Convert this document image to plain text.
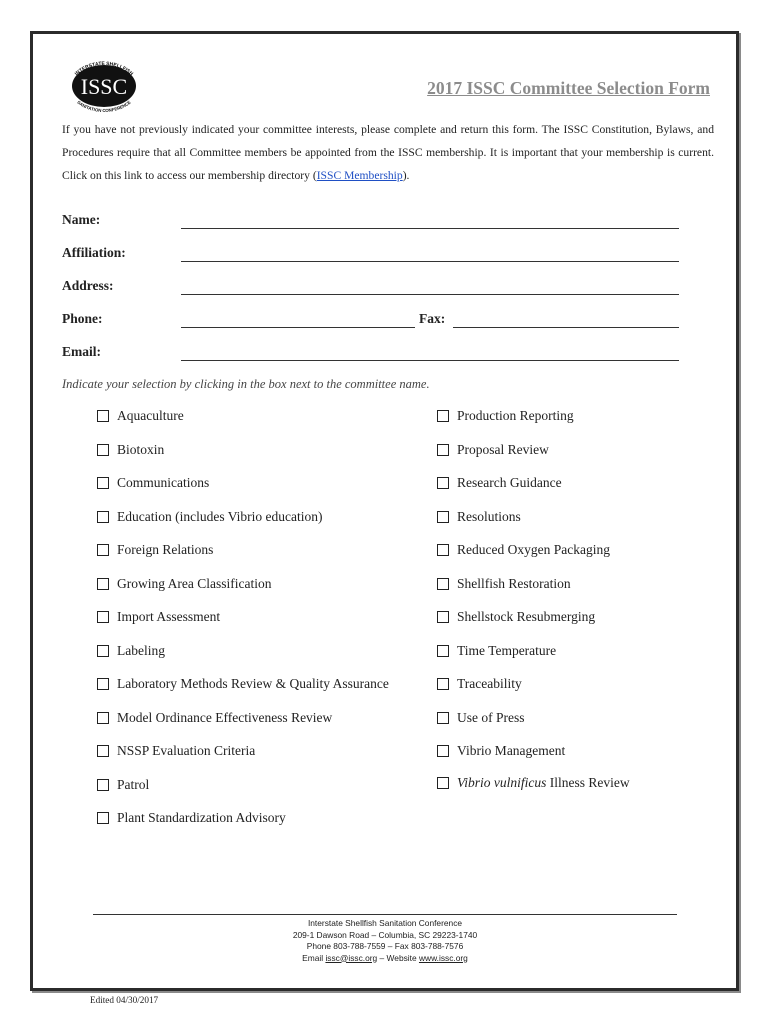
INTERSTATE SHELLFISH
ISSC
SANITATION CONFERENCE
2017 ISSC Committee Selection Form
If you have not previously indicated your committee interests, please complete and return this form. The ISSC Constitution, Bylaws, and Procedures require that all Committee members be appointed from the ISSC membership. It is important that your membership is current. Click on this link to access our membership directory (ISSC Membership).
Name:
Affiliation:
Address:
Phone:	Fax:
Email:
Indicate your selection by clicking in the box next to the committee name.
Aquaculture
Biotoxin
Communications
Education (includes Vibrio education)
Foreign Relations
Growing Area Classification
Import Assessment
Labeling
Laboratory Methods Review & Quality Assurance
Model Ordinance Effectiveness Review
NSSP Evaluation Criteria
Patrol
Plant Standardization Advisory
Production Reporting
Proposal Review
Research Guidance
Resolutions
Reduced Oxygen Packaging
Shellfish Restoration
Shellstock Resubmerging
Time Temperature
Traceability
Use of Press
Vibrio Management
Vibrio vulnificus Illness Review
Interstate Shellfish Sanitation Conference
209-1 Dawson Road – Columbia, SC 29223-1740
Phone 803-788-7559 – Fax 803-788-7576
Email issc@issc.org – Website www.issc.org
Edited 04/30/2017
